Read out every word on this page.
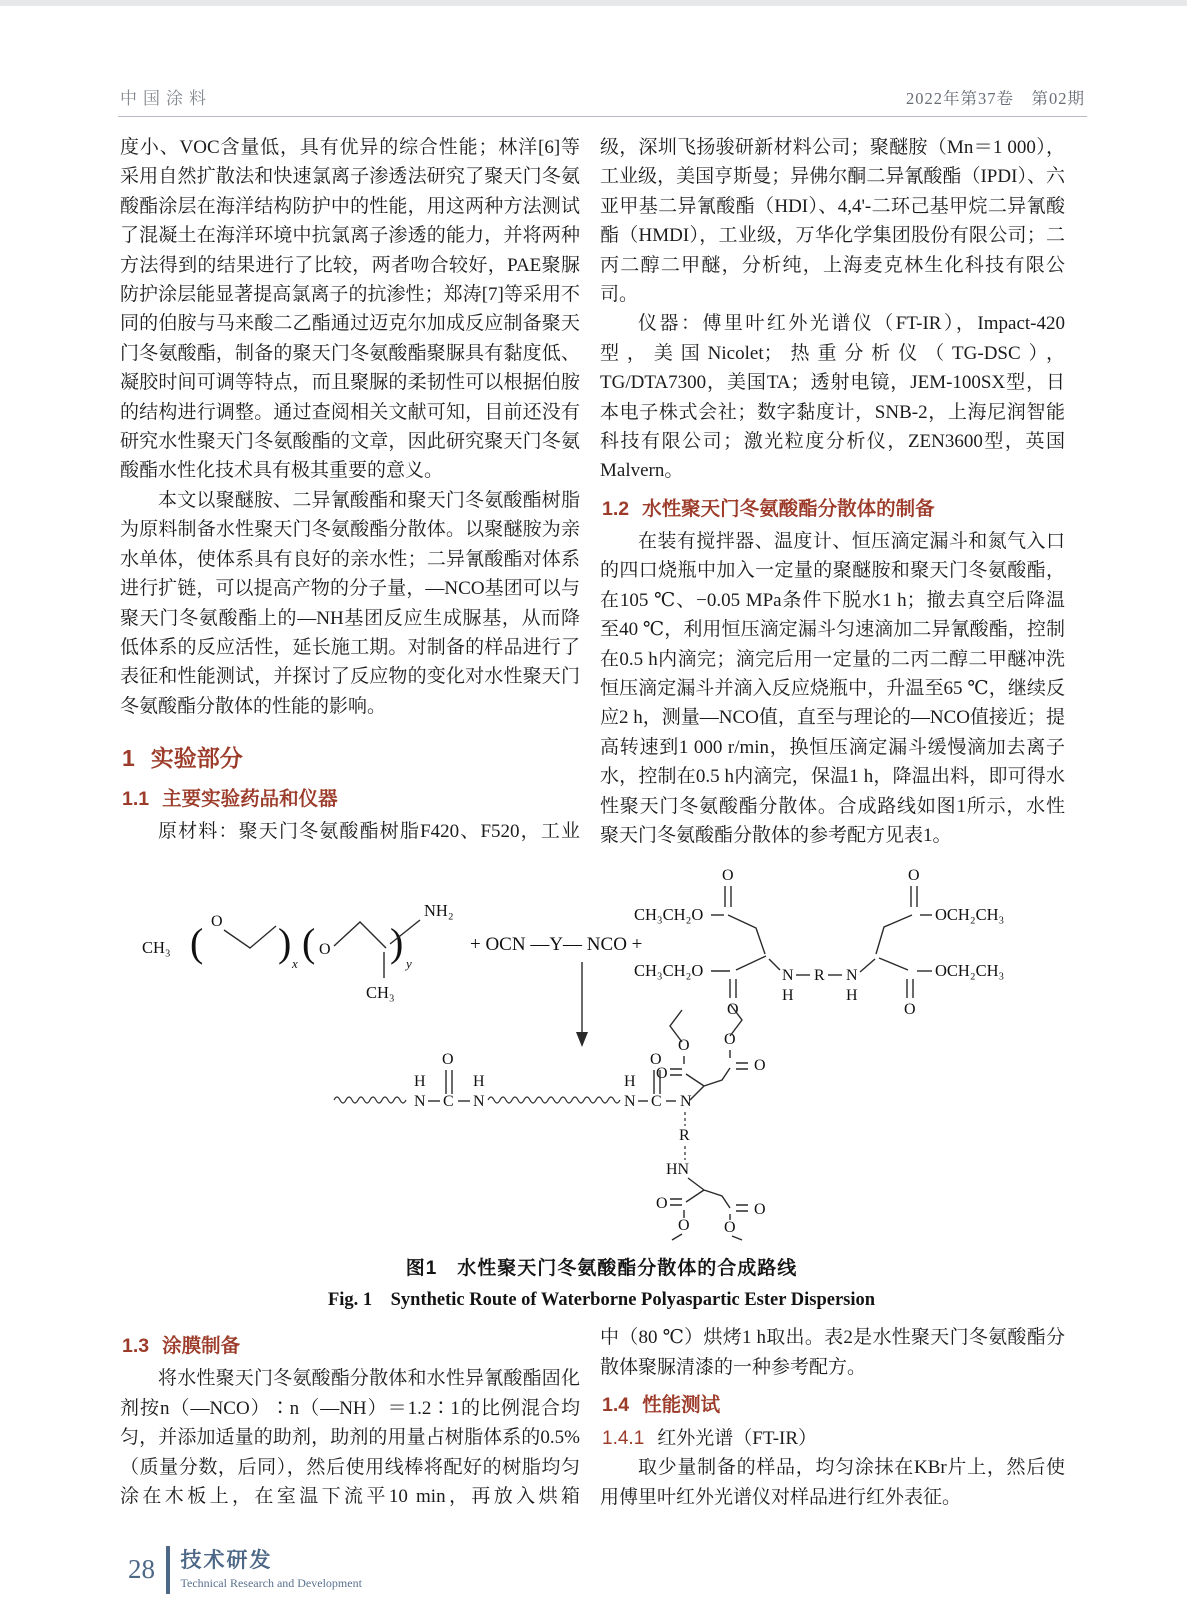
中国涂料	2022年第37卷　第02期

度小、VOC含量低，具有优异的综合性能；林洋[6]等采用自然扩散法和快速氯离子渗透法研究了聚天门冬氨酸酯涂层在海洋结构防护中的性能，用这两种方法测试了混凝土在海洋环境中抗氯离子渗透的能力，并将两种方法得到的结果进行了比较，两者吻合较好，PAE聚脲防护涂层能显著提高氯离子的抗渗性；郑涛[7]等采用不同的伯胺与马来酸二乙酯通过迈克尔加成反应制备聚天门冬氨酸酯，制备的聚天门冬氨酸酯聚脲具有黏度低、凝胶时间可调等特点，而且聚脲的柔韧性可以根据伯胺的结构进行调整。通过查阅相关文献可知，目前还没有研究水性聚天门冬氨酸酯的文章，因此研究聚天门冬氨酸酯水性化技术具有极其重要的意义。

本文以聚醚胺、二异氰酸酯和聚天门冬氨酸酯树脂为原料制备水性聚天门冬氨酸酯分散体。以聚醚胺为亲水单体，使体系具有良好的亲水性；二异氰酸酯对体系进行扩链，可以提高产物的分子量，—NCO基团可以与聚天门冬氨酸酯上的—NH基团反应生成脲基，从而降低体系的反应活性，延长施工期。对制备的样品进行了表征和性能测试，并探讨了反应物的变化对水性聚天门冬氨酸酯分散体的性能的影响。

1 实验部分
1.1 主要实验药品和仪器

原材料：聚天门冬氨酸酯树脂F420、F520，工业

级，深圳飞扬骏研新材料公司；聚醚胺（Mn＝1 000），工业级，美国亨斯曼；异佛尔酮二异氰酸酯（IPDI）、六亚甲基二异氰酸酯（HDI）、4,4'-二环己基甲烷二异氰酸酯（HMDI），工业级，万华化学集团股份有限公司；二丙二醇二甲醚，分析纯，上海麦克林生化科技有限公司。

仪器：傅里叶红外光谱仪（FT-IR），Impact-420型，美国Nicolet；热重分析仪（TG-DSC），TG/DTA7300，美国TA；透射电镜，JEM-100SX型，日本电子株式会社；数字黏度计，SNB-2，上海尼润智能科技有限公司；激光粒度分析仪，ZEN3600型，英国Malvern。

1.2 水性聚天门冬氨酸酯分散体的制备

在装有搅拌器、温度计、恒压滴定漏斗和氮气入口的四口烧瓶中加入一定量的聚醚胺和聚天门冬氨酸酯，在105 ℃、−0.05 MPa条件下脱水1 h；撤去真空后降温至40 ℃，利用恒压滴定漏斗匀速滴加二异氰酸酯，控制在0.5 h内滴完；滴完后用一定量的二丙二醇二甲醚冲洗恒压滴定漏斗并滴入反应烧瓶中，升温至65 ℃，继续反应2 h，测量—NCO值，直至与理论的—NCO值接近；提高转速到1 000 r/min，换恒压滴定漏斗缓慢滴加去离子水，控制在0.5 h内滴完，保温1 h，降温出料，即可得水性聚天门冬氨酸酯分散体。合成路线如图1所示，水性聚天门冬氨酸酯分散体的参考配方见表1。

CH₃ ( O ) x ( O ) y
CH₃
NH₂
+ OCN —Y— NCO +
CH₃CH₂O
O
O
CH₃CH₂O	N
H
R N
H
O
OCH₂CH₃
O
OCH₂CH₃
H
N C
O
N
H
N
H
C
O
N
R
HN
O
O
O
O
O
O
O
O
图1　水性聚天门冬氨酸酯分散体的合成路线
Fig. 1　Synthetic Route of Waterborne Polyaspartic Ester Dispersion
1.3 涂膜制备

将水性聚天门冬氨酸酯分散体和水性异氰酸酯固化剂按n（—NCO）∶n（—NH）＝1.2∶1的比例混合均匀，并添加适量的助剂，助剂的用量占树脂体系的0.5%（质量分数，后同），然后使用线棒将配好的树脂均匀涂在木板上，在室温下流平10 min，再放入烘箱

中（80 ℃）烘烤1 h取出。表2是水性聚天门冬氨酸酯分散体聚脲清漆的一种参考配方。

1.4 性能测试
1.4.1 红外光谱（FT-IR）

取少量制备的样品，均匀涂抹在KBr片上，然后使用傅里叶红外光谱仪对样品进行红外表征。

28 技术研发
Technical Research and Development
